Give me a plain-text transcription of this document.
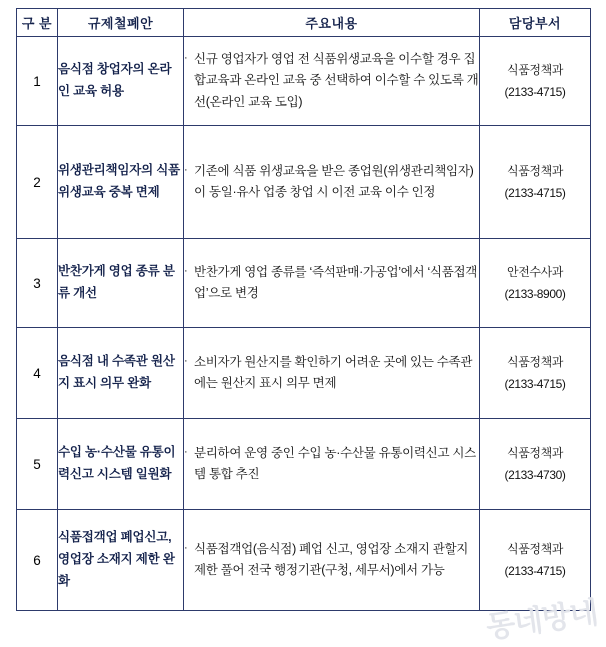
동네방네
구 분	규제철폐안	주요내용	담당부서
1	음식점 창업자의 온라인 교육 허용	· 신규 영업자가 영업 전 식품위생교육을 이수할 경우 집합교육과 온라인 교육 중 선택하여 이수할 수 있도록 개선(온라인 교육 도입)	식품정책과
(2133-4715)

2	위생관리책임자의 식품위생교육 중복 면제	· 기존에 식품 위생교육을 받은 종업원(위생관리책임자)이 동일·유사 업종 창업 시 이전 교육 이수 인정	식품정책과
(2133-4715)

3	반찬가게 영업 종류 분류 개선	· 반찬가게 영업 종류를 ‘즉석판매·가공업’에서 ‘식품접객업’으로 변경	안전수사과
(2133-8900)

4	음식점 내 수족관 원산지 표시 의무 완화	· 소비자가 원산지를 확인하기 어려운 곳에 있는 수족관에는 원산지 표시 의무 면제	식품정책과
(2133-4715)

5	수입 농·수산물 유통이력신고 시스템 일원화	· 분리하여 운영 중인 수입 농·수산물 유통이력신고 시스템 통합 추진	식품정책과
(2133-4730)

6	식품접객업 폐업신고, 영업장 소재지 제한 완화	· 식품접객업(음식점) 폐업 신고, 영업장 소재지 관할지 제한 풀어 전국 행정기관(구청, 세무서)에서 가능	식품정책과
(2133-4715)
